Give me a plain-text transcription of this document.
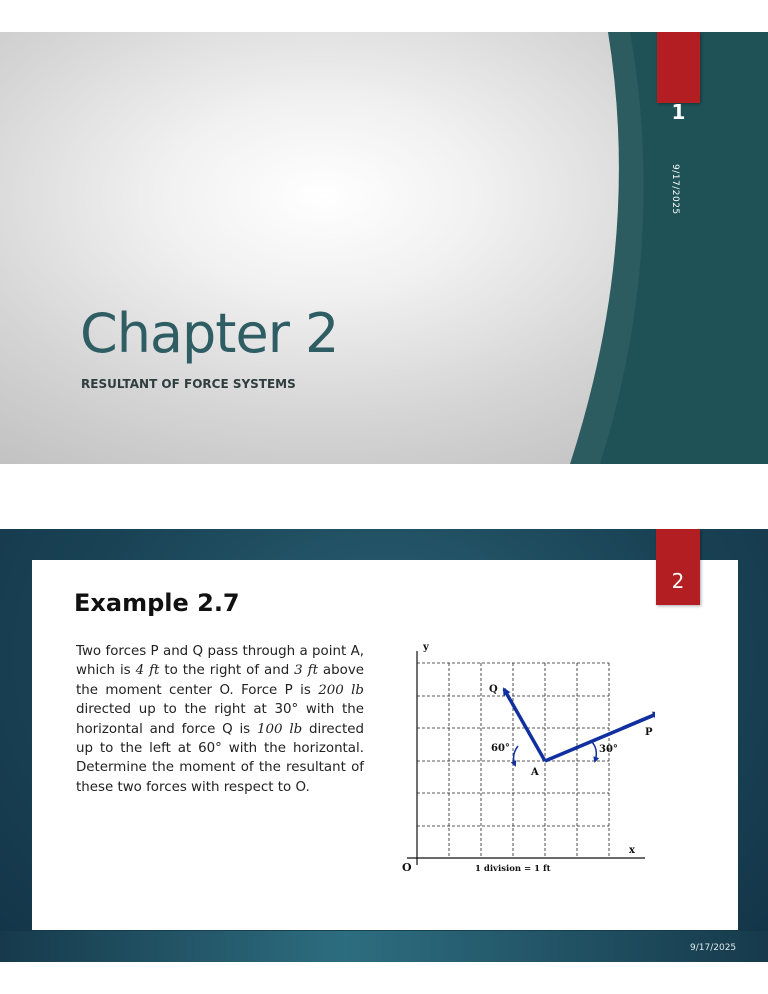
1
9/17/2025
Chapter 2
RESULTANT OF FORCE SYSTEMS
2
Example 2.7
Two forces P and Q pass through a point A, which is 4 ft to the right of and 3 ft above the moment center O. Force P is 200 lb directed up to the right at 30° with the horizontal and force Q is 100 lb directed up to the left at 60° with the horizontal. Determine the moment of the resultant of these two forces with respect to O.
y
x
O
A
P
Q
60°	30°
1 division = 1 ft
9/17/2025
